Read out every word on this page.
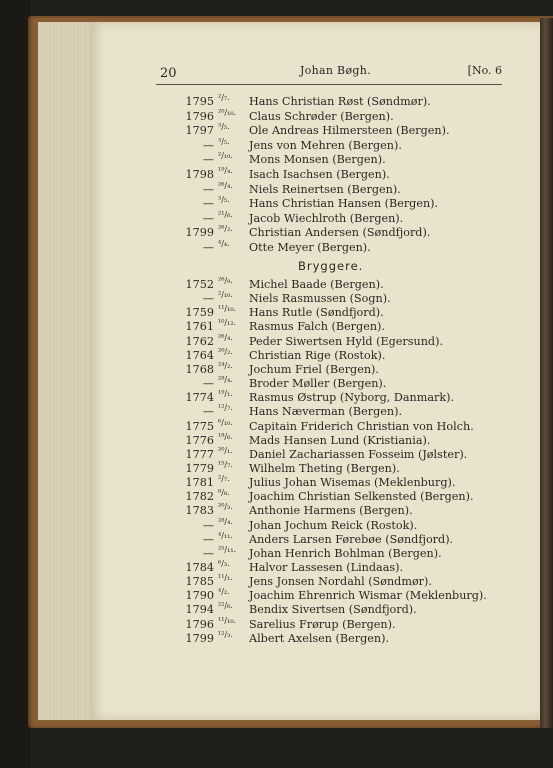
20	Johan Bøgh.	[No. 6
1795 ²/₇. Hans Christian Røst (Søndmør).
1796 ²⁰/₁₀. Claus Schrøder (Bergen).
1797 ³/₅. Ole Andreas Hilmersteen (Bergen).
— ³/₅. Jens von Mehren (Bergen).
— ²/₁₀. Mons Monsen (Bergen).
1798 ¹⁹/₄. Isach Isachsen (Bergen).
— ²⁶/₄. Niels Reinertsen (Bergen).
— ³/₅. Hans Christian Hansen (Bergen).
— ²¹/₆. Jacob Wiechlroth (Bergen).
1799 ²⁶/₂. Christian Andersen (Søndfjord).
— ⁴/₄. Otte Meyer (Bergen).
Bryggere.
1752 ²⁶/₉. Michel Baade (Bergen).
— ²/₁₀. Niels Rasmussen (Sogn).
1759 ¹¹/₁₀. Hans Rutle (Søndfjord).
1761 ¹⁰/₁₂. Rasmus Falch (Bergen).
1762 ²⁶/₄. Peder Siwertsen Hyld (Egersund).
1764 ²⁰/₂. Christian Rige (Rostok).
1768 ²⁴/₂. Jochum Friel (Bergen).
— ²⁸/₄. Broder Møller (Bergen).
1774 ¹⁹/₁. Rasmus Østrup (Nyborg, Danmark).
— ¹²/₇. Hans Næverman (Bergen).
1775 ⁶/₁₀. Capitain Friderich Christian von Holch.
1776 ¹⁸/₆. Mads Hansen Lund (Kristiania).
1777 ²⁰/₁. Daniel Zachariassen Fosseim (Jølster).
1779 ¹⁵/₇. Wilhelm Theting (Bergen).
1781 ²/₇. Julius Johan Wisemas (Meklenburg).
1782 ⁸/₈. Joachim Christian Selkensted (Bergen).
1783 ²⁰/₃. Anthonie Harmens (Bergen).
— ²⁸/₄. Johan Jochum Reick (Rostok).
— ⁴/₁₁. Anders Larsen Førebøe (Søndfjord).
— ²⁵/₁₁. Johan Henrich Bohlman (Bergen).
1784 ⁶/₃. Halvor Lassesen (Lindaas).
1785 ¹¹/₁. Jens Jonsen Nordahl (Søndmør).
1790 ⁴/₂. Joachim Ehrenrich Wismar (Meklenburg).
1794 ²²/₆. Bendix Sivertsen (Søndfjord).
1796 ¹¹/₁₀. Sarelius Frørup (Bergen).
1799 ¹²/₃. Albert Axelsen (Bergen).
